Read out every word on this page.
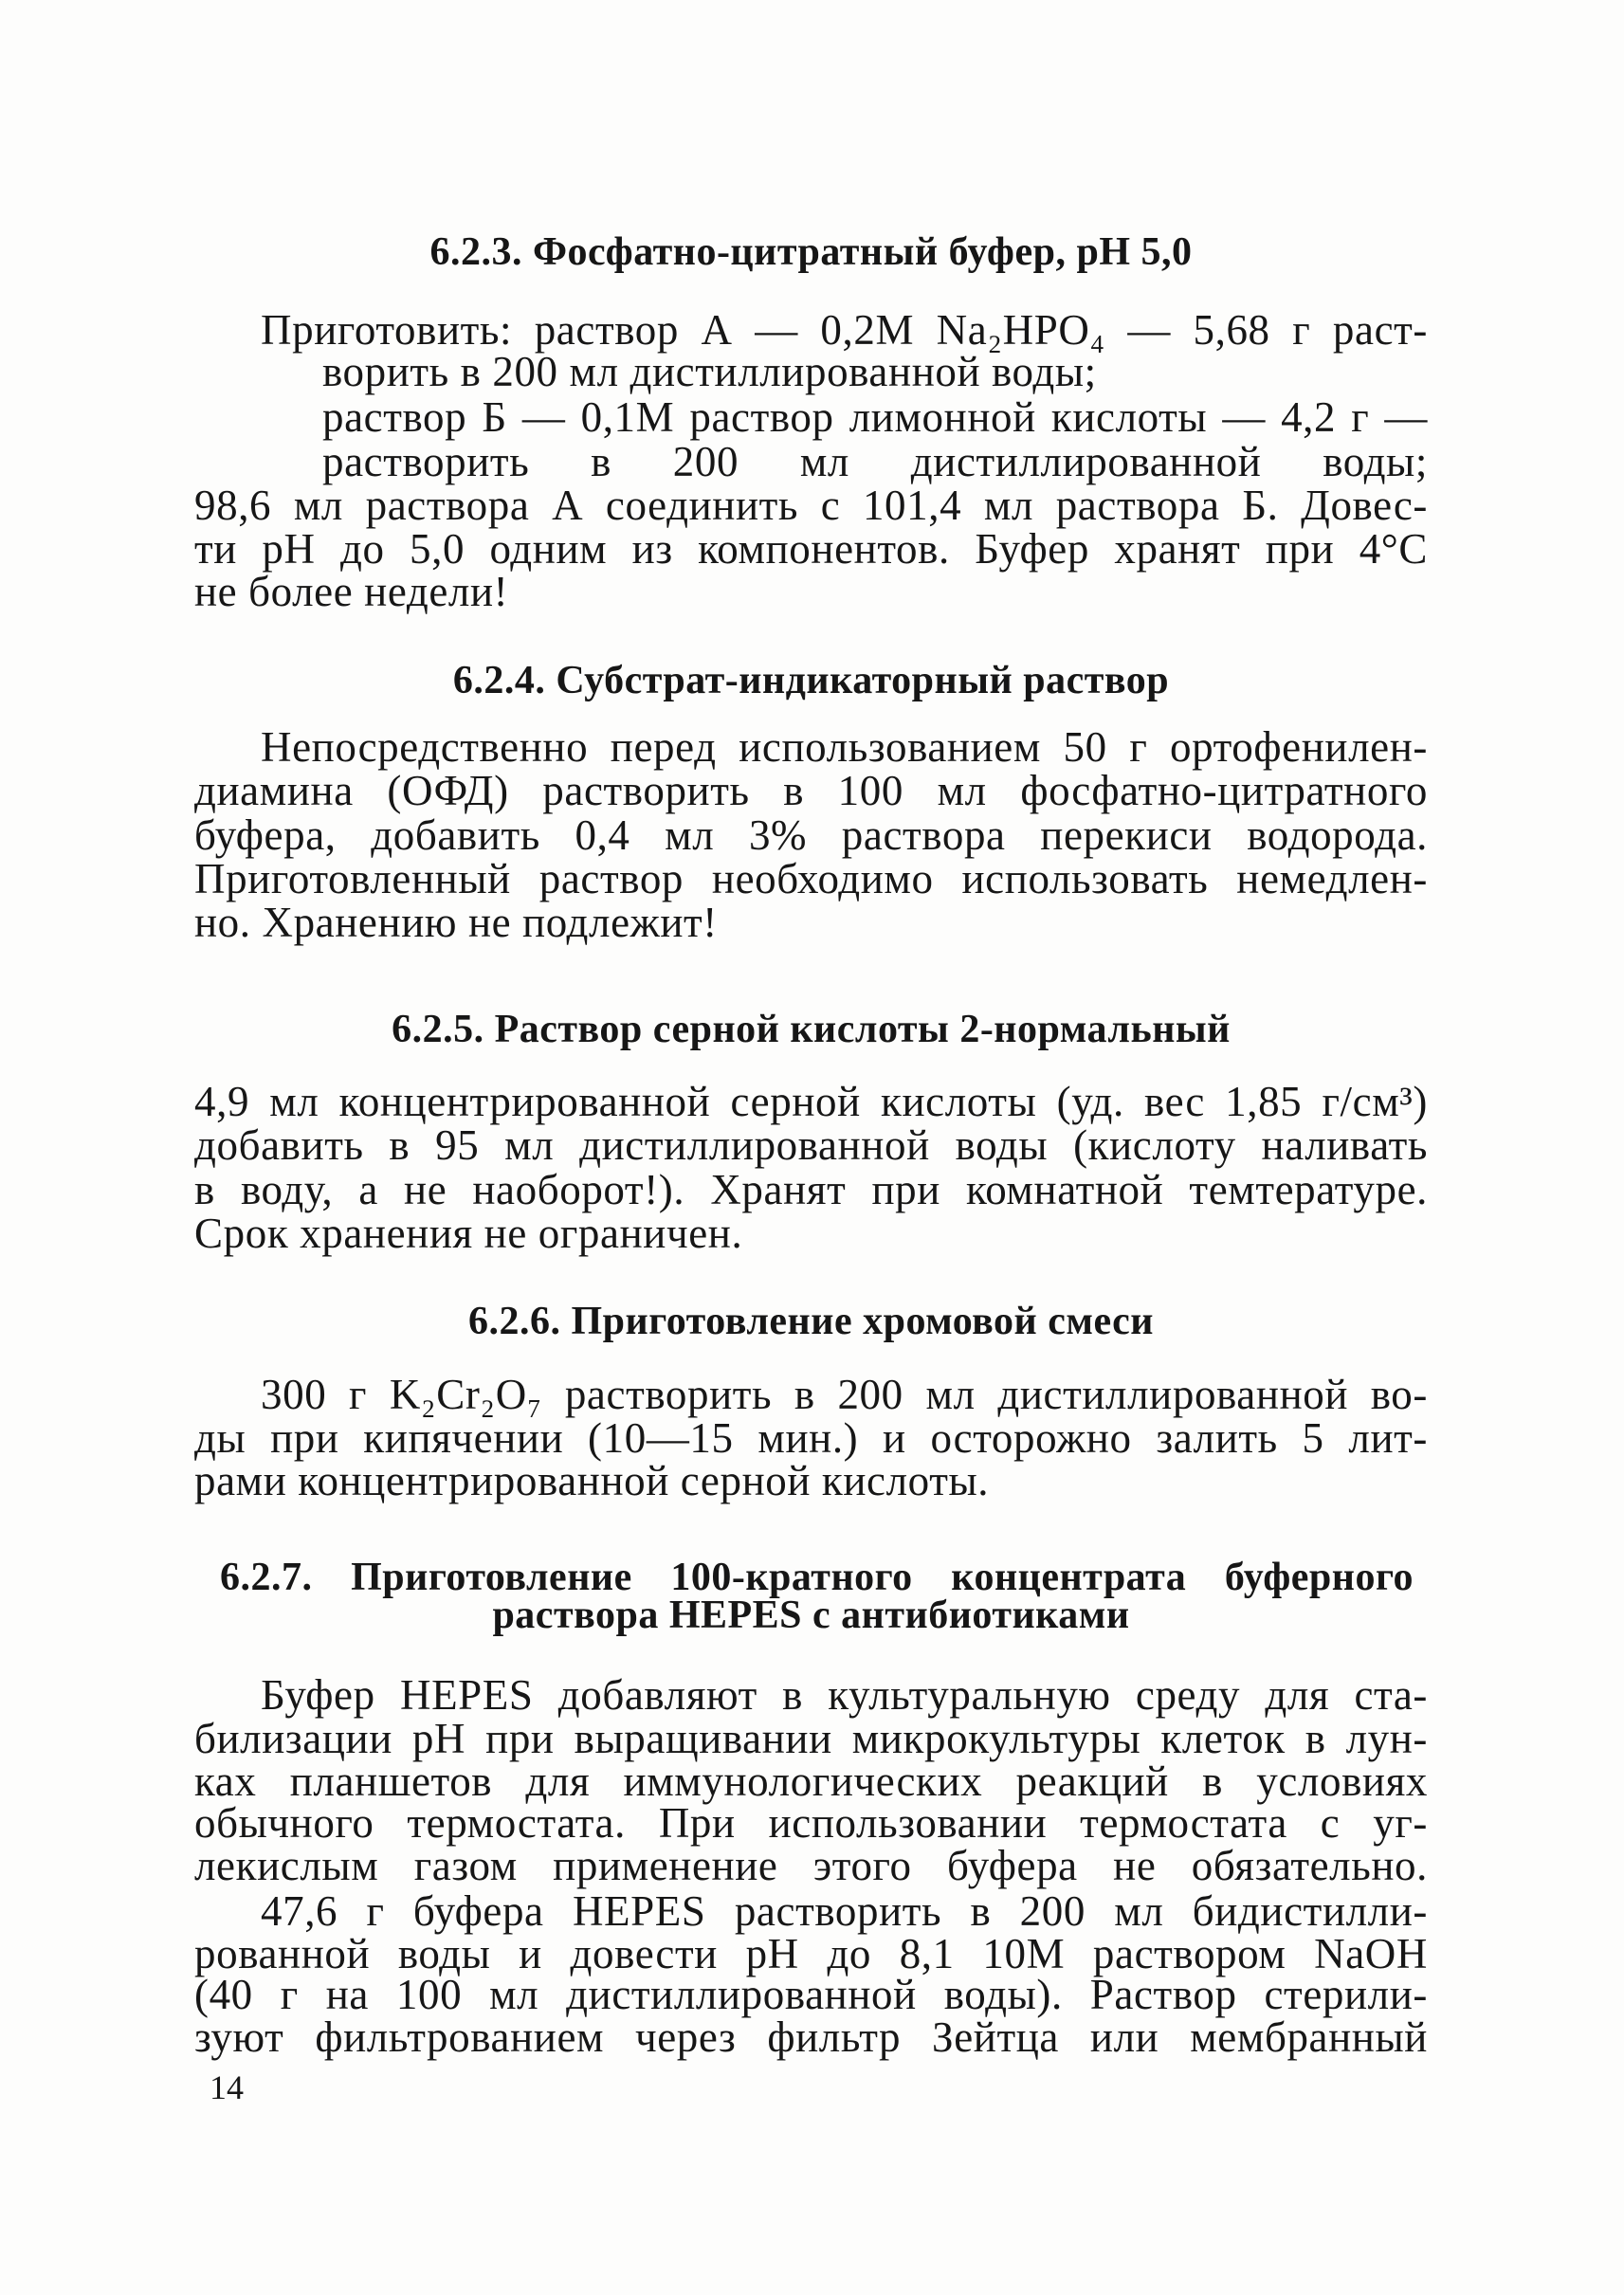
6.2.3. Фосфатно-цитратный буфер, рН 5,0
Приготовить: раствор А — 0,2М Na₂HPO₄ — 5,68 г раст-
ворить в 200 мл дистиллированной воды;
раствор Б — 0,1М раствор лимонной кислоты — 4,2 г —
растворить в 200 мл дистиллированной воды;
98,6 мл раствора А соединить с 101,4 мл раствора Б. Довес-
ти рН до 5,0 одним из компонентов. Буфер хранят при 4°С
не более недели!
6.2.4. Субстрат-индикаторный раствор
Непосредственно перед использованием 50 г ортофенилен-
диамина (ОФД) растворить в 100 мл фосфатно-цитратного
буфера, добавить 0,4 мл 3% раствора перекиси водорода.
Приготовленный раствор необходимо использовать немедлен-
но. Хранению не подлежит!
6.2.5. Раствор серной кислоты 2-нормальный
4,9 мл концентрированной серной кислоты (уд. вес 1,85 г/см³)
добавить в 95 мл дистиллированной воды (кислоту наливать
в воду, а не наоборот!). Хранят при комнатной темтературе.
Срок хранения не ограничен.
6.2.6. Приготовление хромовой смеси
300 г K₂Cr₂O₇ растворить в 200 мл дистиллированной во-
ды при кипячении (10—15 мин.) и осторожно залить 5 лит-
рами концентрированной серной кислоты.
6.2.7. Приготовление 100-кратного концентрата буферного
раствора HEPES с антибиотиками
Буфер HEPES добавляют в культуральную среду для ста-
билизации рН при выращивании микрокультуры клеток в лун-
ках планшетов для иммунологических реакций в условиях
обычного термостата. При использовании термостата с уг-
лекислым газом применение этого буфера не обязательно.
47,6 г буфера HEPES растворить в 200 мл бидистилли-
рованной воды и довести рН до 8,1 10М раствором NaOH
(40 г на 100 мл дистиллированной воды). Раствор стерили-
зуют фильтрованием через фильтр Зейтца или мембранный
14
